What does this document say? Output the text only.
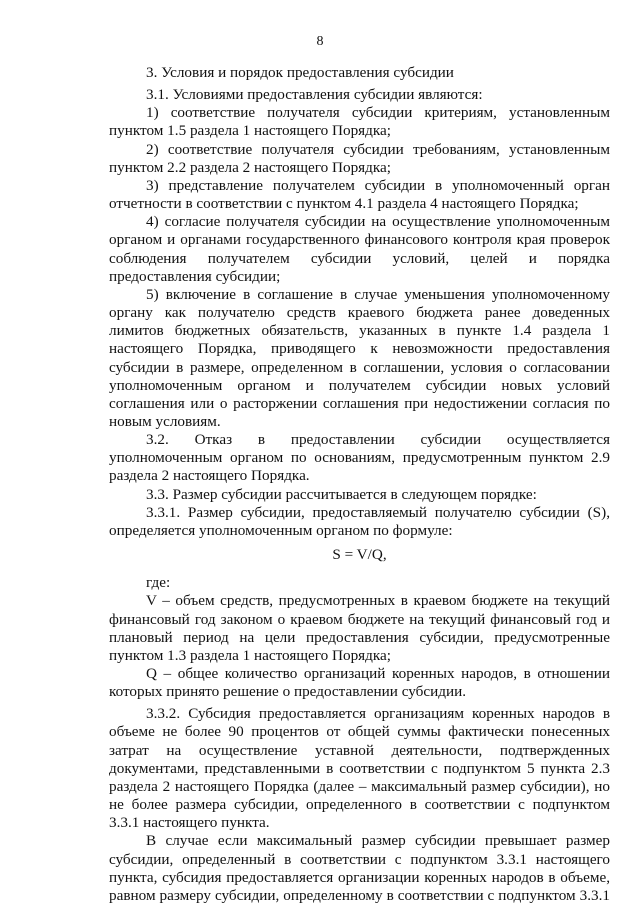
8

3. Условия и порядок предоставления субсидии

3.1. Условиями предоставления субсидии являются:

1) соответствие получателя субсидии критериям, установленным пунктом 1.5 раздела 1 настоящего Порядка;

2) соответствие получателя субсидии требованиям, установленным пунктом 2.2 раздела 2 настоящего Порядка;

3) представление получателем субсидии в уполномоченный орган отчетности в соответствии с пунктом 4.1 раздела 4 настоящего Порядка;

4) согласие получателя субсидии на осуществление уполномоченным органом и органами государственного финансового контроля края проверок соблюдения получателем субсидии условий, целей и порядка предоставления субсидии;

5) включение в соглашение в случае уменьшения уполномоченному органу как получателю средств краевого бюджета ранее доведенных лимитов бюджетных обязательств, указанных в пункте 1.4 раздела 1 настоящего Порядка, приводящего к невозможности предоставления субсидии в размере, определенном в соглашении, условия о согласовании уполномоченным органом и получателем субсидии новых условий соглашения или о расторжении соглашения при недостижении согласия по новым условиям.

3.2. Отказ в предоставлении субсидии осуществляется уполномоченным органом по основаниям, предусмотренным пунктом 2.9 раздела 2 настоящего Порядка.

3.3. Размер субсидии рассчитывается в следующем порядке:

3.3.1. Размер субсидии, предоставляемый получателю субсидии (S), определяется уполномоченным органом по формуле:

S = V/Q,

где:

V – объем средств, предусмотренных в краевом бюджете на текущий финансовый год законом о краевом бюджете на текущий финансовый год и плановый период на цели предоставления субсидии, предусмотренные пунктом 1.3 раздела 1 настоящего Порядка;

Q – общее количество организаций коренных народов, в отношении которых принято решение о предоставлении субсидии.

3.3.2. Субсидия предоставляется организациям коренных народов в объеме не более 90 процентов от общей суммы фактически понесенных затрат на осуществление уставной деятельности, подтвержденных документами, представленными в соответствии с подпунктом 5 пункта 2.3 раздела 2 настоящего Порядка (далее – максимальный размер субсидии), но не более размера субсидии, определенного в соответствии с подпунктом 3.3.1 настоящего пункта.

В случае если максимальный размер субсидии превышает размер субсидии, определенный в соответствии с подпунктом 3.3.1 настоящего пункта, субсидия предоставляется организации коренных народов в объеме, равном размеру субсидии, определенному в соответствии с подпунктом 3.3.1
